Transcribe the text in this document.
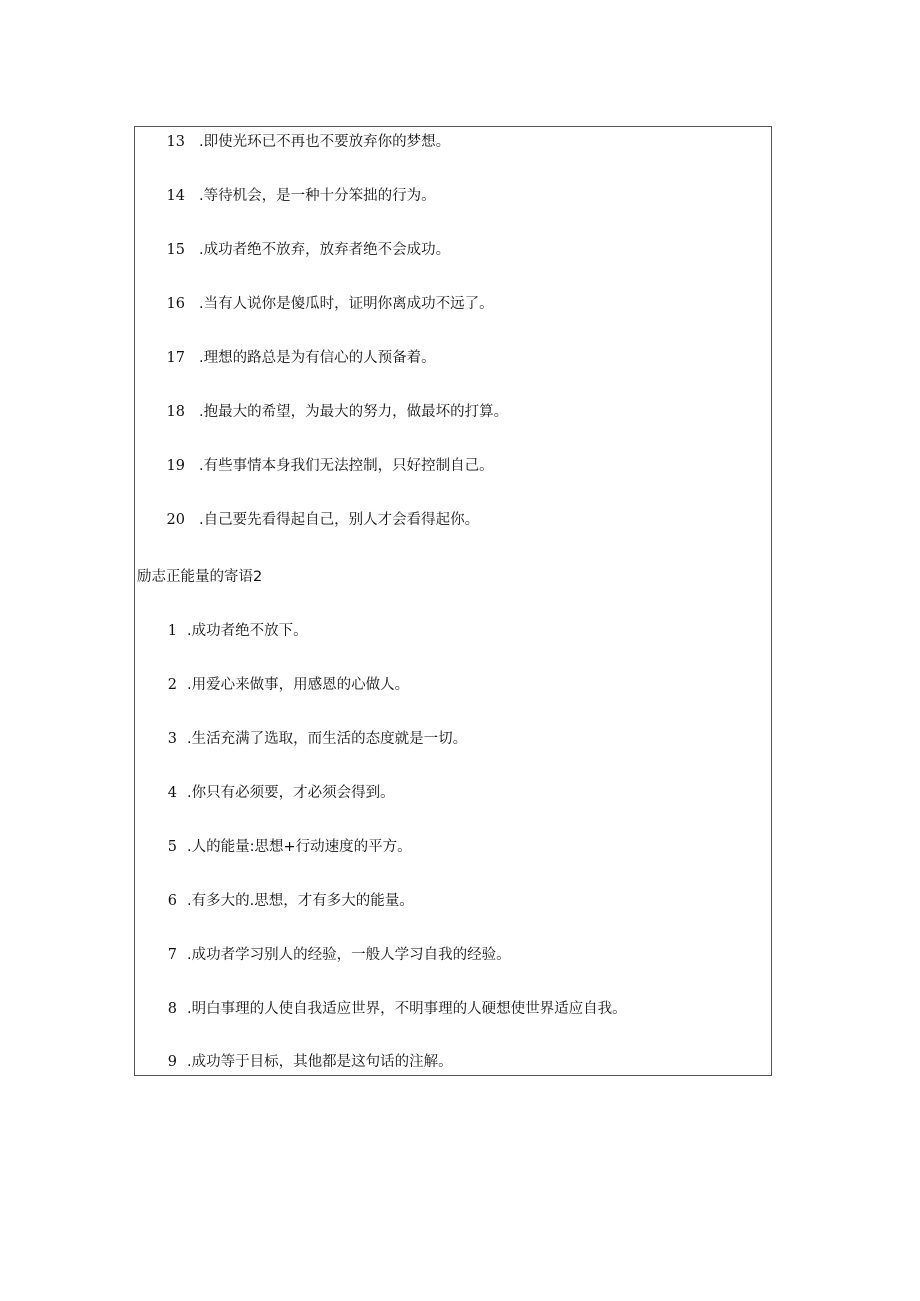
13 .即使光环已不再也不要放弃你的梦想。
14 .等待机会，是一种十分笨拙的行为。
15 .成功者绝不放弃，放弃者绝不会成功。
16 .当有人说你是傻瓜时，证明你离成功不远了。
17 .理想的路总是为有信心的人预备着。
18 .抱最大的希望，为最大的努力，做最坏的打算。
19 .有些事情本身我们无法控制，只好控制自己。
20 .自己要先看得起自己，别人才会看得起你。
励志正能量的寄语2
1 .成功者绝不放下。
2 .用爱心来做事，用感恩的心做人。
3 .生活充满了选取，而生活的态度就是一切。
4 .你只有必须要，才必须会得到。
5 .人的能量:思想+行动速度的平方。
6 .有多大的.思想，才有多大的能量。
7 .成功者学习别人的经验，一般人学习自我的经验。
8 .明白事理的人使自我适应世界，不明事理的人硬想使世界适应自我。
9 .成功等于目标，其他都是这句话的注解。
